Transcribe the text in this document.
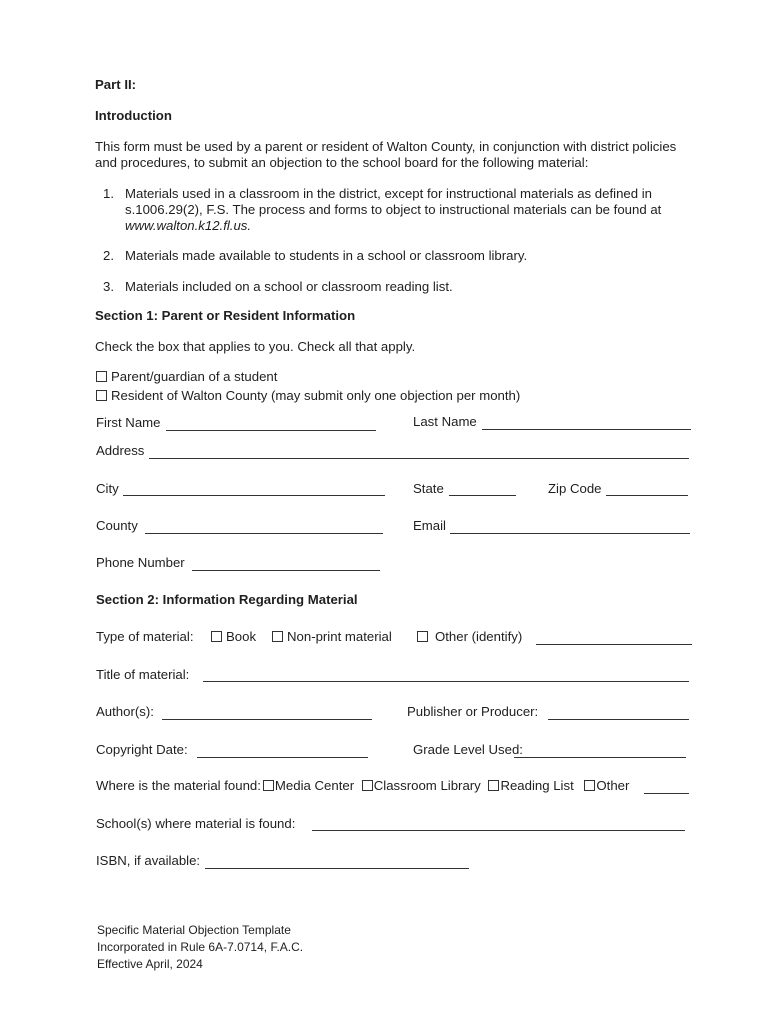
Part II:
Introduction
This form must be used by a parent or resident of Walton County, in conjunction with district policies and procedures, to submit an objection to the school board for the following material:
1. Materials used in a classroom in the district, except for instructional materials as defined in s.1006.29(2), F.S. The process and forms to object to instructional materials can be found at www.walton.k12.fl.us.
2. Materials made available to students in a school or classroom library.
3. Materials included on a school or classroom reading list.
Section 1: Parent or Resident Information
Check the box that applies to you. Check all that apply.
Parent/guardian of a student
Resident of Walton County (may submit only one objection per month)
First Name	Last Name
Address
City	State	Zip Code
County	Email
Phone Number
Section 2: Information Regarding Material
Type of material:	Book	Non-print material	Other (identify)
Title of material:
Author(s):	Publisher or Producer:
Copyright Date:	Grade Level Used:
Where is the material found: Media Center Classroom Library Reading List Other
School(s) where material is found:
ISBN, if available:
Specific Material Objection Template
Incorporated in Rule 6A-7.0714, F.A.C.
Effective April, 2024
